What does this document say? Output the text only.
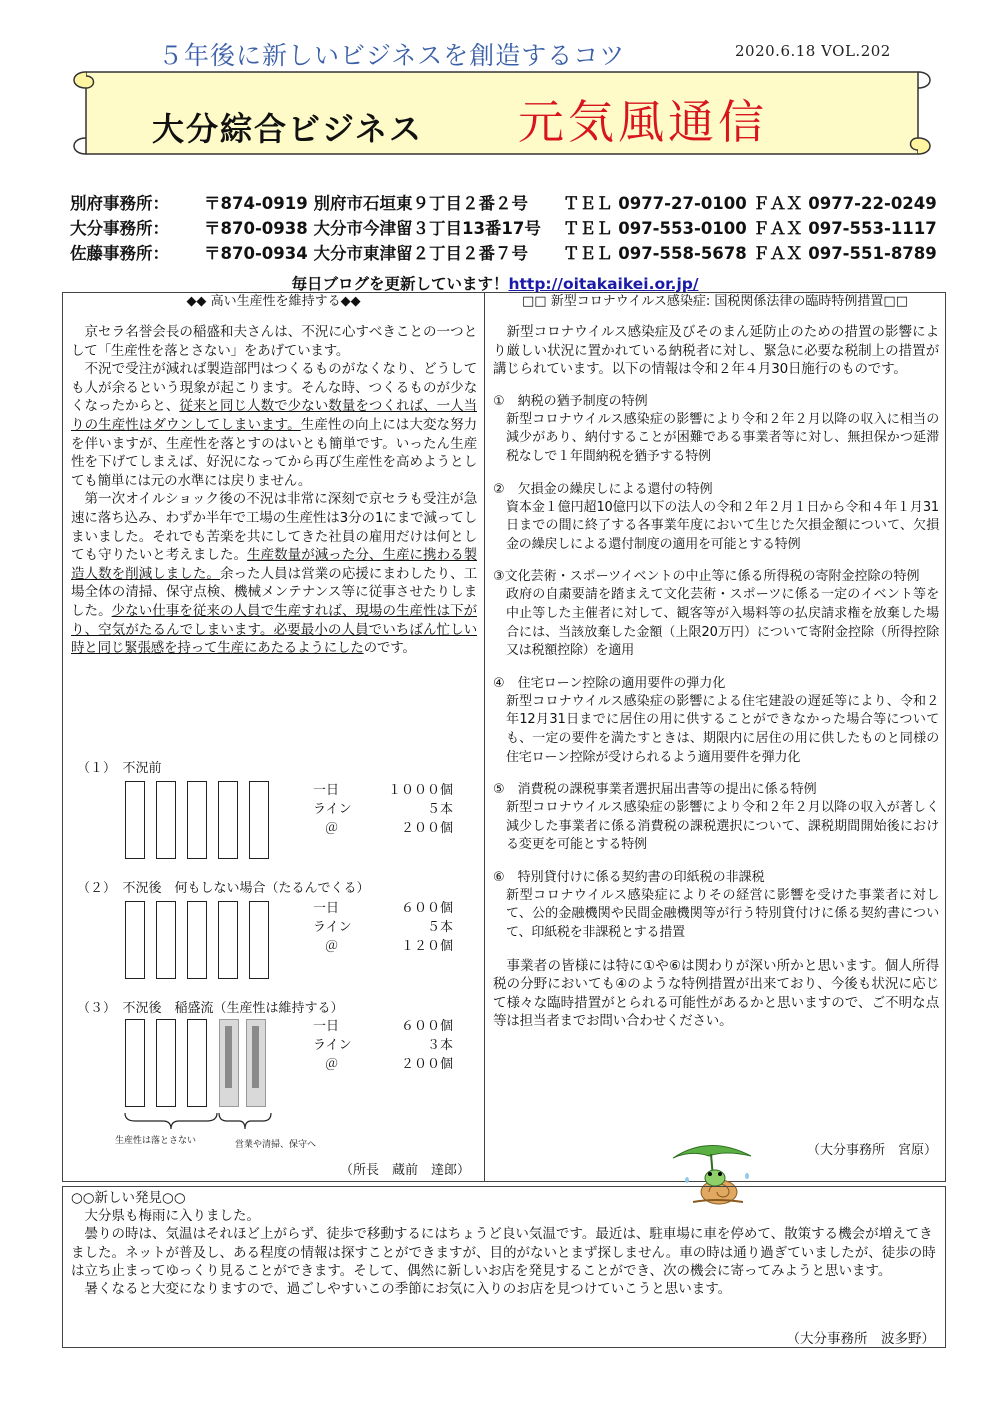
５年後に新しいビジネスを創造するコツ	2020.6.18 VOL.202
大分綜合ビジネス 元気風通信
別府事務所： 〒874-0919 別府市石垣東９丁目２番２号 ＴＥＬ 0977-27-0100 ＦＡＸ 0977-22-0249
大分事務所： 〒870-0938 大分市今津留３丁目13番17号 ＴＥＬ 097-553-0100 ＦＡＸ 097-553-1117
佐藤事務所： 〒870-0934 大分市東津留２丁目２番７号 ＴＥＬ 097-558-5678 ＦＡＸ 097-551-8789
毎日ブログを更新しています！http://oitakaikei.or.jp/
◆◆ 高い生産性を維持する◆◆

京セラ名誉会長の稲盛和夫さんは、不況に心すべきことの一つとして「生産性を落とさない」をあげています。

不況で受注が減れば製造部門はつくるものがなくなり、どうしても人が余るという現象が起こります。そんな時、つくるものが少なくなったからと、従来と同じ人数で少ない数量をつくれば、一人当りの生産性はダウンしてしまいます。生産性の向上には大変な努力を伴いますが、生産性を落とすのはいとも簡単です。いったん生産性を下げてしまえば、好況になってから再び生産性を高めようとしても簡単には元の水準には戻りません。

第一次オイルショック後の不況は非常に深刻で京セラも受注が急速に落ち込み、わずか半年で工場の生産性は3分の1にまで減ってしまいました。それでも苦楽を共にしてきた社員の雇用だけは何としても守りたいと考えました。生産数量が減った分、生産に携わる製造人数を削減しました。余った人員は営業の応援にまわしたり、工場全体の清掃、保守点検、機械メンテナンス等に従事させたりしました。少ない仕事を従来の人員で生産すれば、現場の生産性は下がり、空気がたるんでしまいます。必要最小の人員でいちばん忙しい時と同じ緊張感を持って生産にあたるようにしたのです。

（１）　不況前
一日	１０００個
ライン	５本
＠	２００個
（２）　不況後　何もしない場合（たるんでくる）
一日	６００個
ライン	５本
＠	１２０個
（３）　不況後　稲盛流（生産性は維持する）
一日	６００個
ライン	３本
＠	２００個
生産性は落とさない	営業や清掃、保守へ
（所長　蔵前　達郎）
□□ 新型コロナウイルス感染症: 国税関係法律の臨時特例措置□□

新型コロナウイルス感染症及びそのまん延防止のための措置の影響により厳しい状況に置かれている納税者に対し、緊急に必要な税制上の措置が講じられています。以下の情報は令和２年４月30日施行のものです。

①　納税の猶予制度の特例
新型コロナウイルス感染症の影響により令和２年２月以降の収入に相当の減少があり、納付することが困難である事業者等に対し、無担保かつ延滞税なしで１年間納税を猶予する特例
②　欠損金の繰戻しによる還付の特例
資本金１億円超10億円以下の法人の令和２年２月１日から令和４年１月31日までの間に終了する各事業年度において生じた欠損金額について、欠損金の繰戻しによる還付制度の適用を可能とする特例
③文化芸術・スポーツイベントの中止等に係る所得税の寄附金控除の特例
政府の自粛要請を踏まえて文化芸術・スポーツに係る一定のイベント等を中止等した主催者に対して、観客等が入場料等の払戻請求権を放棄した場合には、当該放棄した金額（上限20万円）について寄附金控除（所得控除又は税額控除）を適用
④　住宅ローン控除の適用要件の弾力化
新型コロナウイルス感染症の影響による住宅建設の遅延等により、令和２年12月31日までに居住の用に供することができなかった場合等についても、一定の要件を満たすときは、期限内に居住の用に供したものと同様の住宅ローン控除が受けられるよう適用要件を弾力化
⑤　消費税の課税事業者選択届出書等の提出に係る特例
新型コロナウイルス感染症の影響により令和２年２月以降の収入が著しく減少した事業者に係る消費税の課税選択について、課税期間開始後における変更を可能とする特例
⑥　特別貸付けに係る契約書の印紙税の非課税
新型コロナウイルス感染症によりその経営に影響を受けた事業者に対して、公的金融機関や民間金融機関等が行う特別貸付けに係る契約書について、印紙税を非課税とする措置

事業者の皆様には特に①や⑥は関わりが深い所かと思います。個人所得税の分野においても④のような特例措置が出来ており、今後も状況に応じて様々な臨時措置がとられる可能性があるかと思いますので、ご不明な点等は担当者までお問い合わせください。

（大分事務所　宮原）
○○新しい発見○○

大分県も梅雨に入りました。

曇りの時は、気温はそれほど上がらず、徒歩で移動するにはちょうど良い気温です。最近は、駐車場に車を停めて、散策する機会が増えてきました。ネットが普及し、ある程度の情報は探すことができますが、目的がないとまず探しません。車の時は通り過ぎていましたが、徒歩の時は立ち止まってゆっくり見ることができます。そして、偶然に新しいお店を発見することができ、次の機会に寄ってみようと思います。

暑くなると大変になりますので、過ごしやすいこの季節にお気に入りのお店を見つけていこうと思います。

（大分事務所　波多野）
